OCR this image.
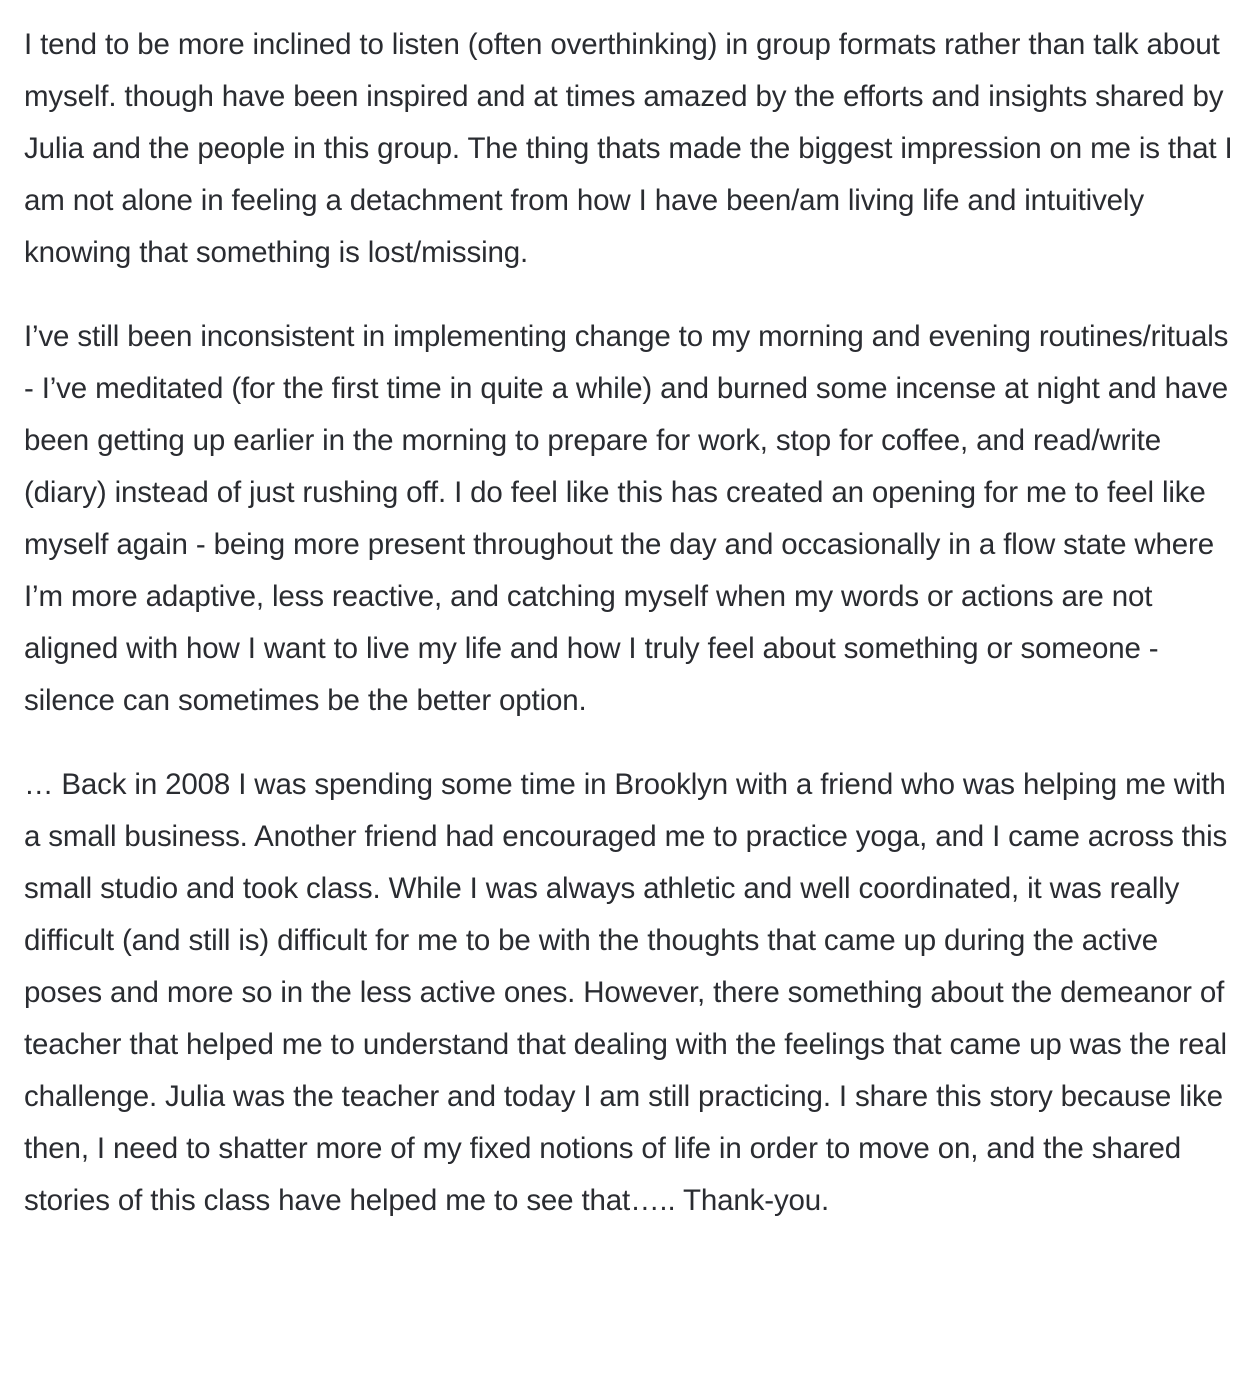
I tend to be more inclined to listen (often overthinking) in group formats rather than talk about myself. though have been inspired and at times amazed by the efforts and insights shared by Julia and the people in this group. The thing thats made the biggest impression on me is that I am not alone in feeling a detachment from how I have been/am living life and intuitively knowing that something is lost/missing.

I’ve still been inconsistent in implementing change to my morning and evening routines/rituals - I’ve meditated (for the first time in quite a while) and burned some incense at night and have been getting up earlier in the morning to prepare for work, stop for coffee, and read/write (diary) instead of just rushing off. I do feel like this has created an opening for me to feel like myself again - being more present throughout the day and occasionally in a flow state where I’m more adaptive, less reactive, and catching myself when my words or actions are not aligned with how I want to live my life and how I truly feel about something or someone - silence can sometimes be the better option.

… Back in 2008 I was spending some time in Brooklyn with a friend who was helping me with a small business. Another friend had encouraged me to practice yoga, and I came across this small studio and took class. While I was always athletic and well coordinated, it was really difficult (and still is) difficult for me to be with the thoughts that came up during the active poses and more so in the less active ones. However, there something about the demeanor of teacher that helped me to understand that dealing with the feelings that came up was the real challenge. Julia was the teacher and today I am still practicing. I share this story because like then, I need to shatter more of my fixed notions of life in order to move on, and the shared stories of this class have helped me to see that….. Thank-you.
